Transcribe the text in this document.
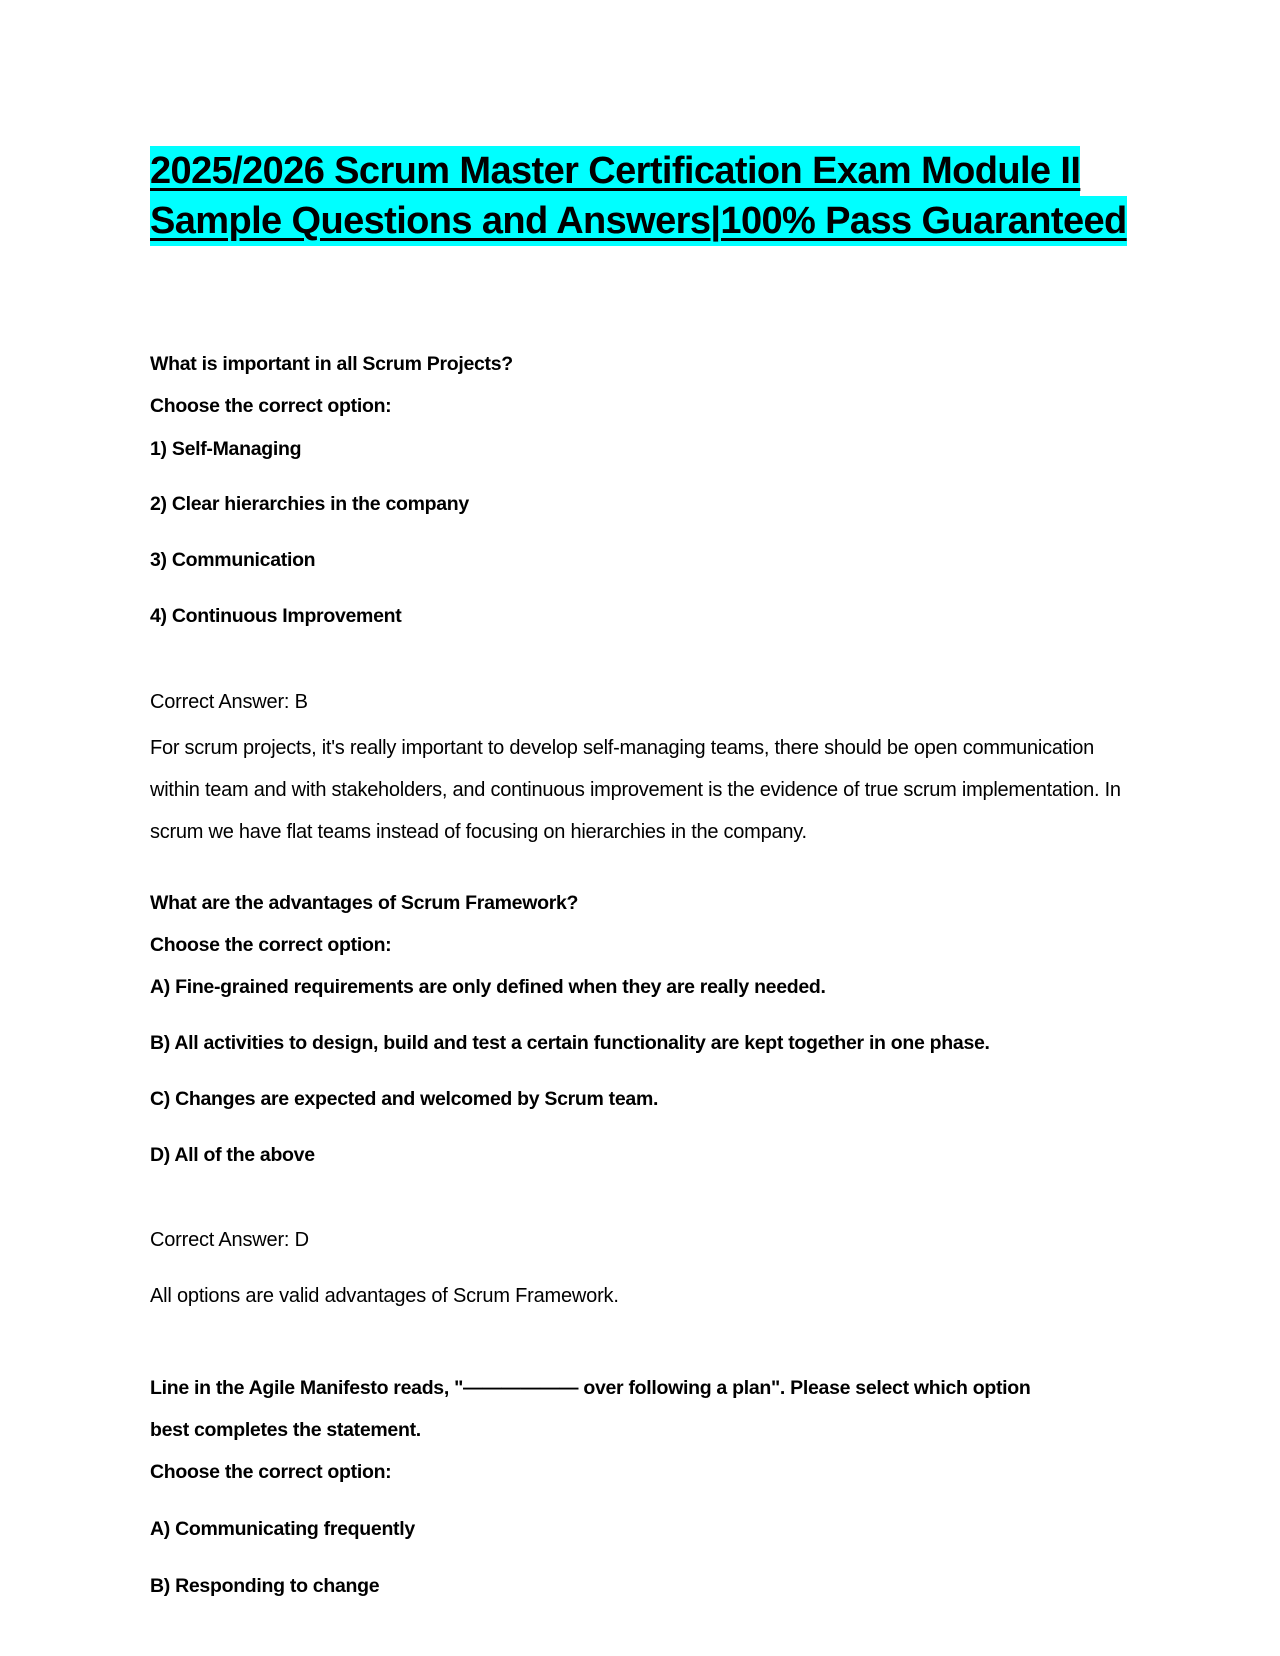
2025/2026 Scrum Master Certification Exam Module II
Sample Questions and Answers|100% Pass Guaranteed
What is important in all Scrum Projects?
Choose the correct option:
1) Self-Managing
2) Clear hierarchies in the company
3) Communication
4) Continuous Improvement
Correct Answer: B
For scrum projects, it's really important to develop self-managing teams, there should be open communication within team and with stakeholders, and continuous improvement is the evidence of true scrum implementation. In scrum we have flat teams instead of focusing on hierarchies in the company.
What are the advantages of Scrum Framework?
Choose the correct option:
A) Fine-grained requirements are only defined when they are really needed.
B) All activities to design, build and test a certain functionality are kept together in one phase.
C) Changes are expected and welcomed by Scrum team.
D) All of the above
Correct Answer: D
All options are valid advantages of Scrum Framework.
Line in the Agile Manifesto reads, "—————— over following a plan". Please select which option
best completes the statement.
Choose the correct option:
A) Communicating frequently
B) Responding to change
